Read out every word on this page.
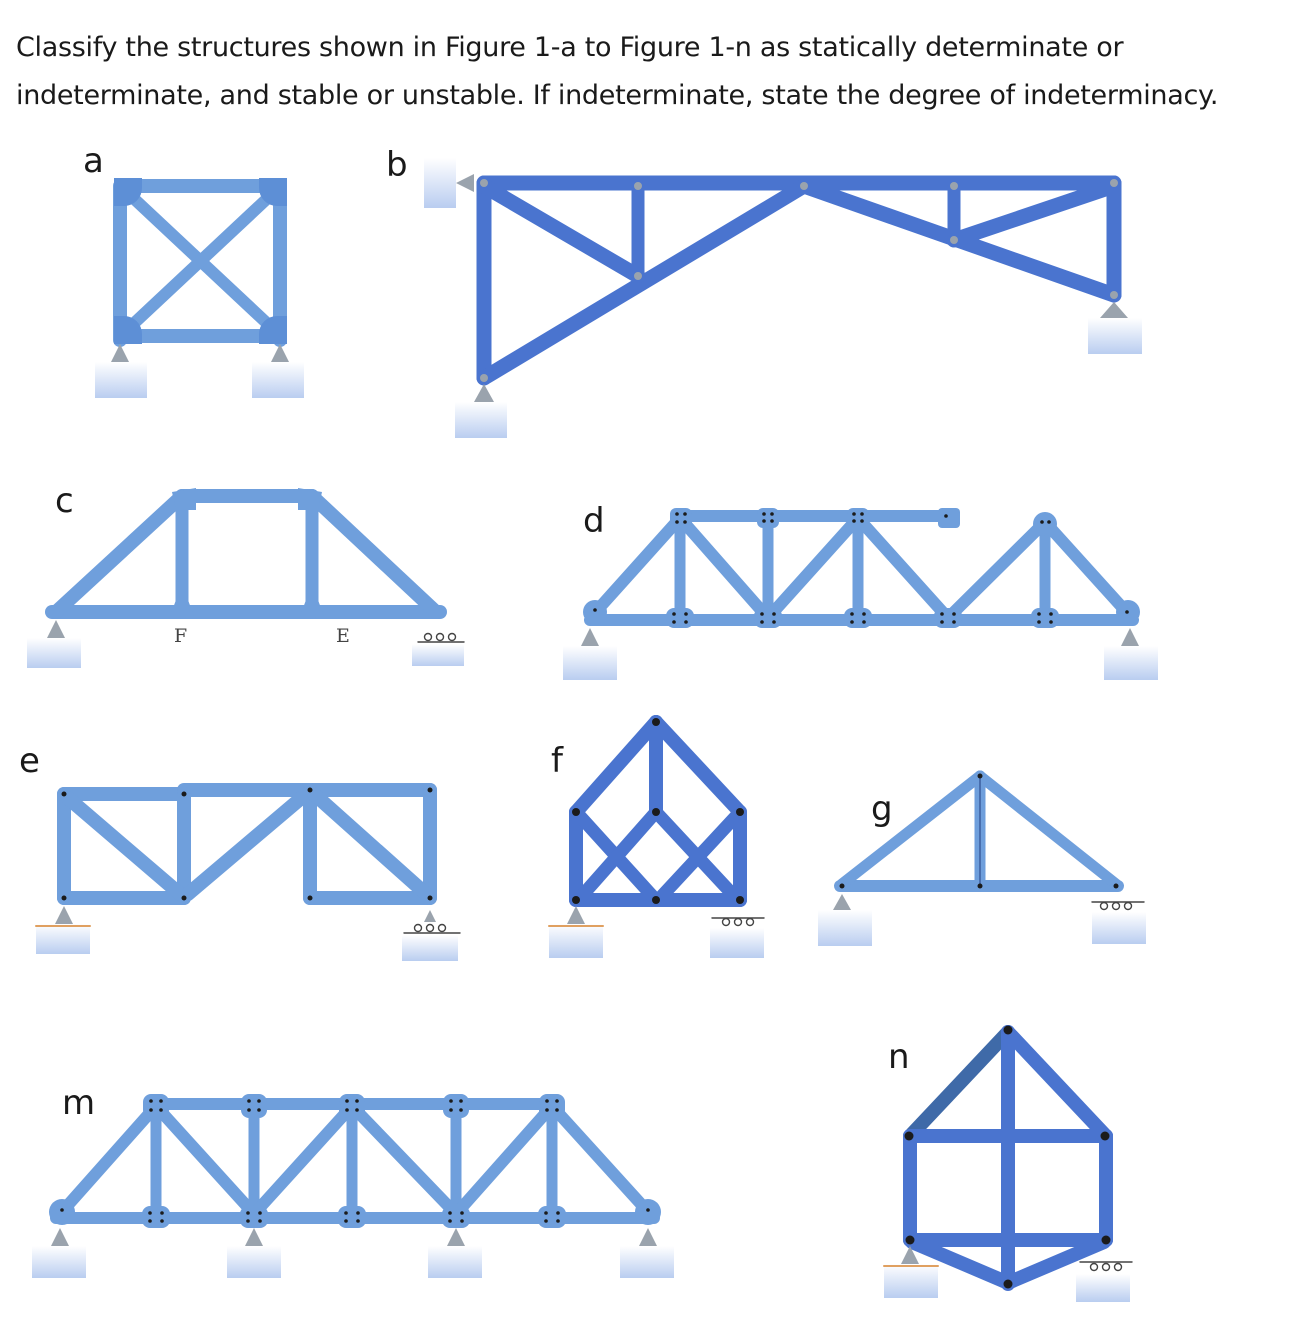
Classify the structures shown in Figure 1-a to Figure 1-n as statically determinate or
indeterminate, and stable or unstable. If indeterminate, state the degree of indeterminacy.

a	b
c
F	E
d
e	f
g
m
n
